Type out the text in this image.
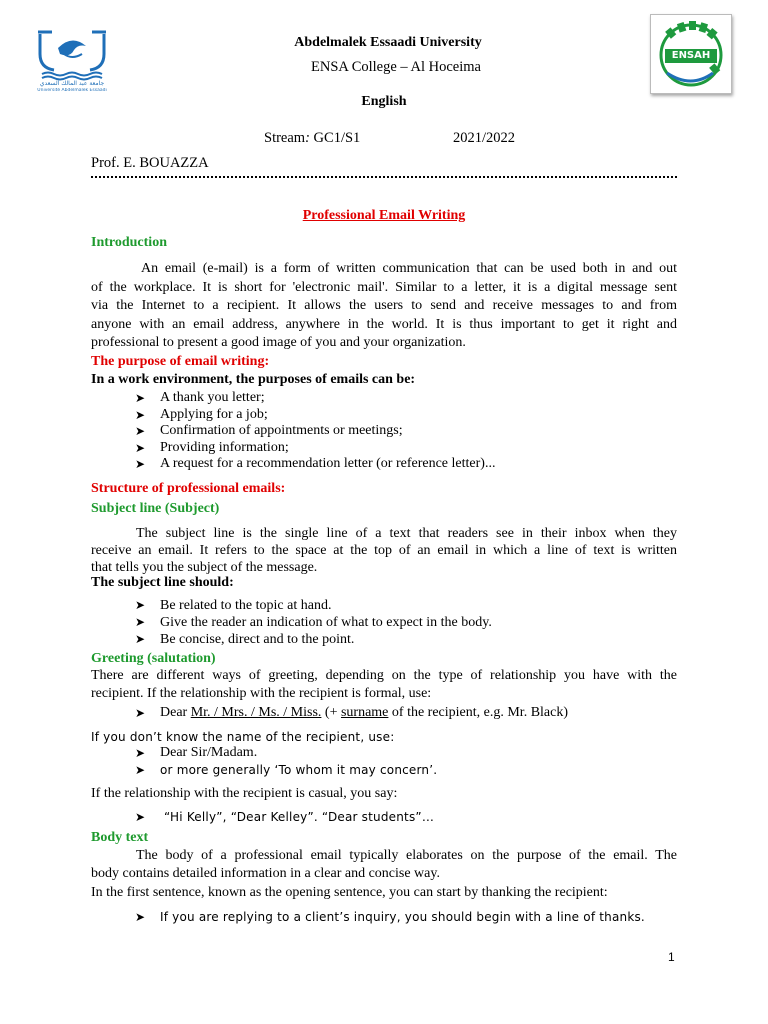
جامعة عبد المالك السعدي
Université Abdelmalek Essaadi
ENSAH
Abdelmalek Essaadi University
ENSA College – Al Hoceima
English
Stream: GC1/S1	2021/2022
Prof. E. BOUAZZA
Professional Email Writing
Introduction
An email (e-mail) is a form of written communication that can be used both in and out
of the workplace. It is short for 'electronic mail'. Similar to a letter, it is a digital message sent
via the Internet to a recipient. It allows the users to send and receive messages to and from
anyone with an email address, anywhere in the world. It is thus important to get it right and
professional to present a good image of you and your organization.
The purpose of email writing:
In a work environment, the purposes of emails can be:
➤ A thank you letter;
➤ Applying for a job;
➤ Confirmation of appointments or meetings;
➤ Providing information;
➤ A request for a recommendation letter (or reference letter)...
Structure of professional emails:
Subject line (Subject)
The subject line is the single line of a text that readers see in their inbox when they
receive an email. It refers to the space at the top of an email in which a line of text is written
that tells you the subject of the message.
The subject line should:
➤ Be related to the topic at hand.
➤ Give the reader an indication of what to expect in the body.
➤ Be concise, direct and to the point.
Greeting (salutation)
There are different ways of greeting, depending on the type of relationship you have with the
recipient. If the relationship with the recipient is formal, use:
➤ Dear Mr. / Mrs. / Ms. / Miss. (+ surname of the recipient, e.g. Mr. Black)
If you don’t know the name of the recipient, use:
➤ Dear Sir/Madam.
➤ or more generally ‘To whom it may concern’.
If the relationship with the recipient is casual, you say:
➤ “Hi Kelly”, “Dear Kelley”. “Dear students”…
Body text
The body of a professional email typically elaborates on the purpose of the email. The
body contains detailed information in a clear and concise way.
In the first sentence, known as the opening sentence, you can start by thanking the recipient:
➤ If you are replying to a client’s inquiry, you should begin with a line of thanks.
1
